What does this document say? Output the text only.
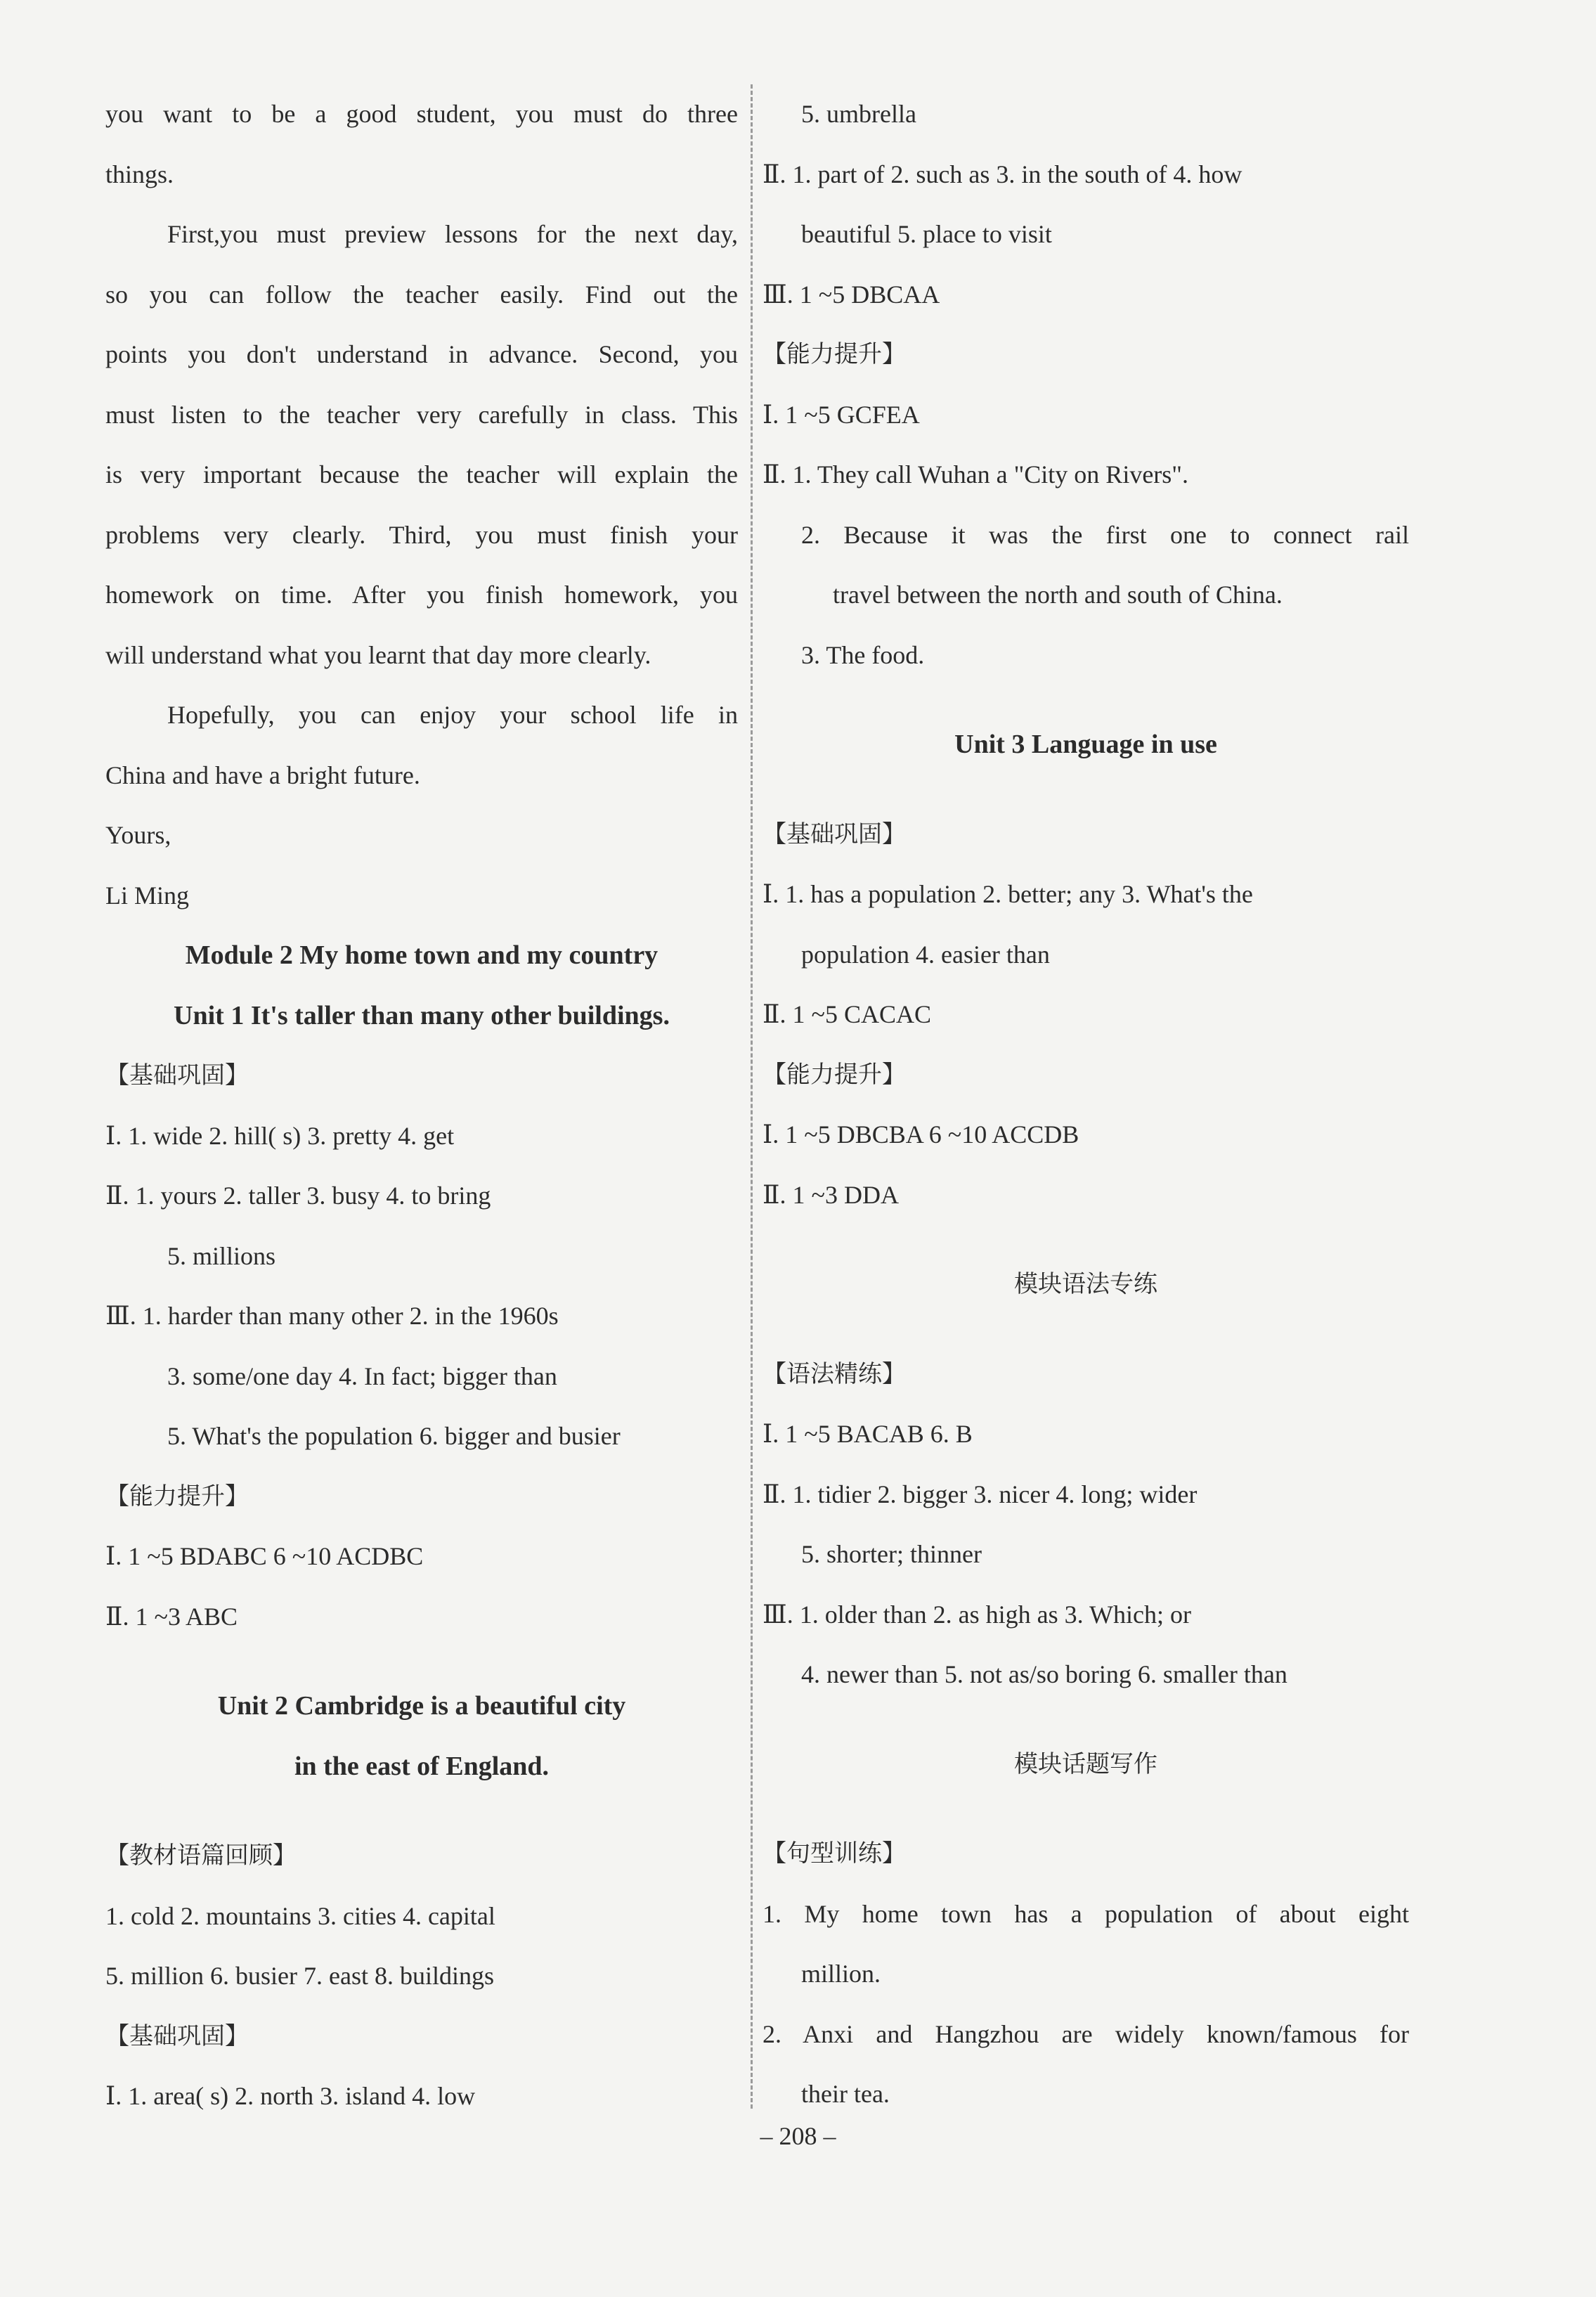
you want to be a good student, you must do three
things.
First,you must preview lessons for the next day,
so you can follow the teacher easily. Find out the
points you don't understand in advance. Second, you
must listen to the teacher very carefully in class. This
is very important because the teacher will explain the
problems very clearly. Third, you must finish your
homework on time. After you finish homework, you
will understand what you learnt that day more clearly.
Hopefully, you can enjoy your school life in
China and have a bright future.
Yours,
Li Ming
Module 2 My home town and my country
Unit 1 It's taller than many other buildings.
【基础巩固】
Ⅰ. 1. wide 2. hill( s) 3. pretty 4. get
Ⅱ. 1. yours 2. taller 3. busy 4. to bring
5. millions
Ⅲ. 1. harder than many other 2. in the 1960s
3. some/one day 4. In fact; bigger than
5. What's the population 6. bigger and busier
【能力提升】
Ⅰ. 1 ~5 BDABC 6 ~10 ACDBC
Ⅱ. 1 ~3 ABC
Unit 2 Cambridge is a beautiful city
in the east of England.
【教材语篇回顾】
1. cold 2. mountains 3. cities 4. capital
5. million 6. busier 7. east 8. buildings
【基础巩固】
Ⅰ. 1. area( s) 2. north 3. island 4. low
5. umbrella
Ⅱ. 1. part of 2. such as 3. in the south of 4. how
beautiful 5. place to visit
Ⅲ. 1 ~5 DBCAA
【能力提升】
Ⅰ. 1 ~5 GCFEA
Ⅱ. 1. They call Wuhan a "City on Rivers".
2. Because it was the first one to connect rail
travel between the north and south of China.
3. The food.
Unit 3 Language in use
【基础巩固】
Ⅰ. 1. has a population 2. better; any 3. What's the
population 4. easier than
Ⅱ. 1 ~5 CACAC
【能力提升】
Ⅰ. 1 ~5 DBCBA 6 ~10 ACCDB
Ⅱ. 1 ~3 DDA
模块语法专练
【语法精练】
Ⅰ. 1 ~5 BACAB 6. B
Ⅱ. 1. tidier 2. bigger 3. nicer 4. long; wider
5. shorter; thinner
Ⅲ. 1. older than 2. as high as 3. Which; or
4. newer than 5. not as/so boring 6. smaller than
模块话题写作
【句型训练】
1. My home town has a population of about eight
million.
2. Anxi and Hangzhou are widely known/famous for
their tea.
– 208 –
